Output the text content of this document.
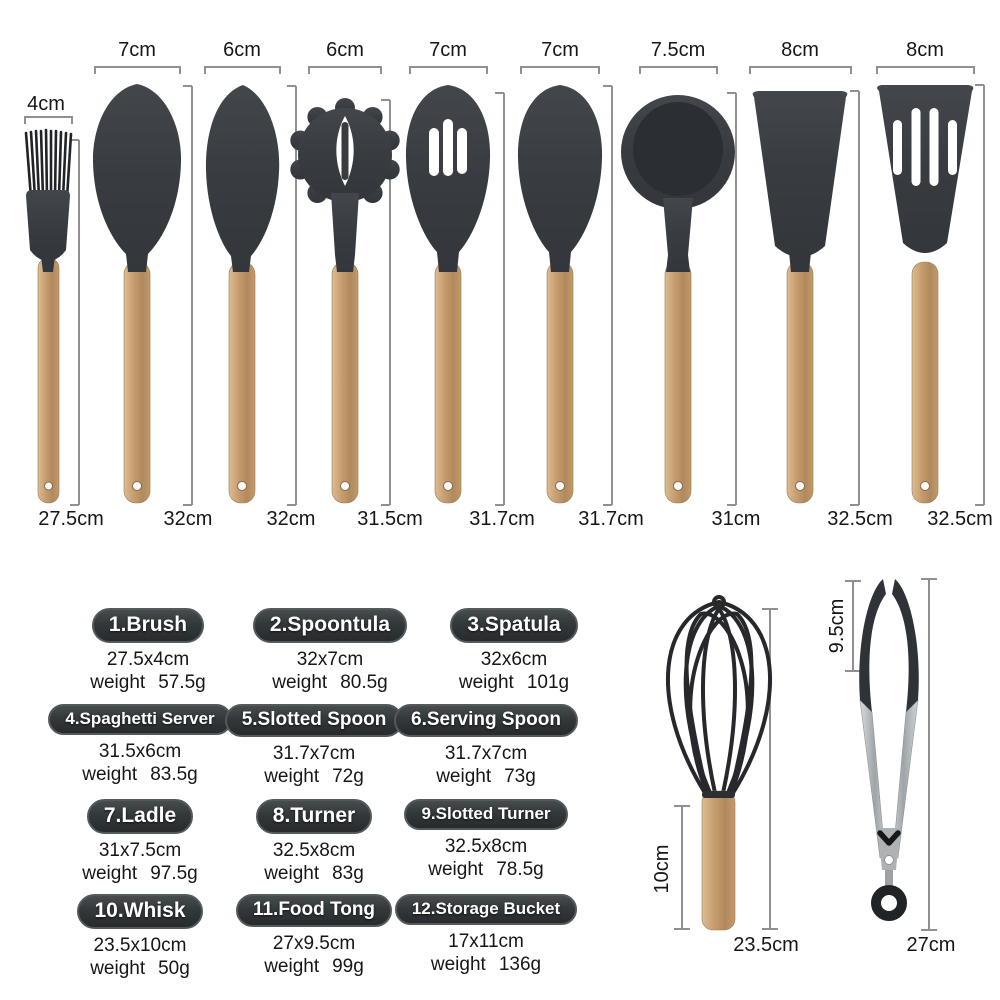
4cm
7cm	6cm	6cm	7cm	7cm	7.5cm	8cm	8cm
27.5cm	32cm	32cm	31.5cm	31.7cm	31.7cm	31cm	32.5cm	32.5cm
10cm
23.5cm
9.5cm
27cm
1.Brush
27.5x4cm
weight 57.5g
2.Spoontula
32x7cm
weight 80.5g
3.Spatula
32x6cm
weight 101g
4.Spaghetti Server
31.5x6cm
weight 83.5g
5.Slotted Spoon
31.7x7cm
weight 72g
6.Serving Spoon
31.7x7cm
weight 73g
7.Ladle
31x7.5cm
weight 97.5g
8.Turner
32.5x8cm
weight 83g
9.Slotted Turner
32.5x8cm
weight 78.5g
10.Whisk
23.5x10cm
weight 50g
11.Food Tong
27x9.5cm
weight 99g
12.Storage Bucket
17x11cm
weight 136g
